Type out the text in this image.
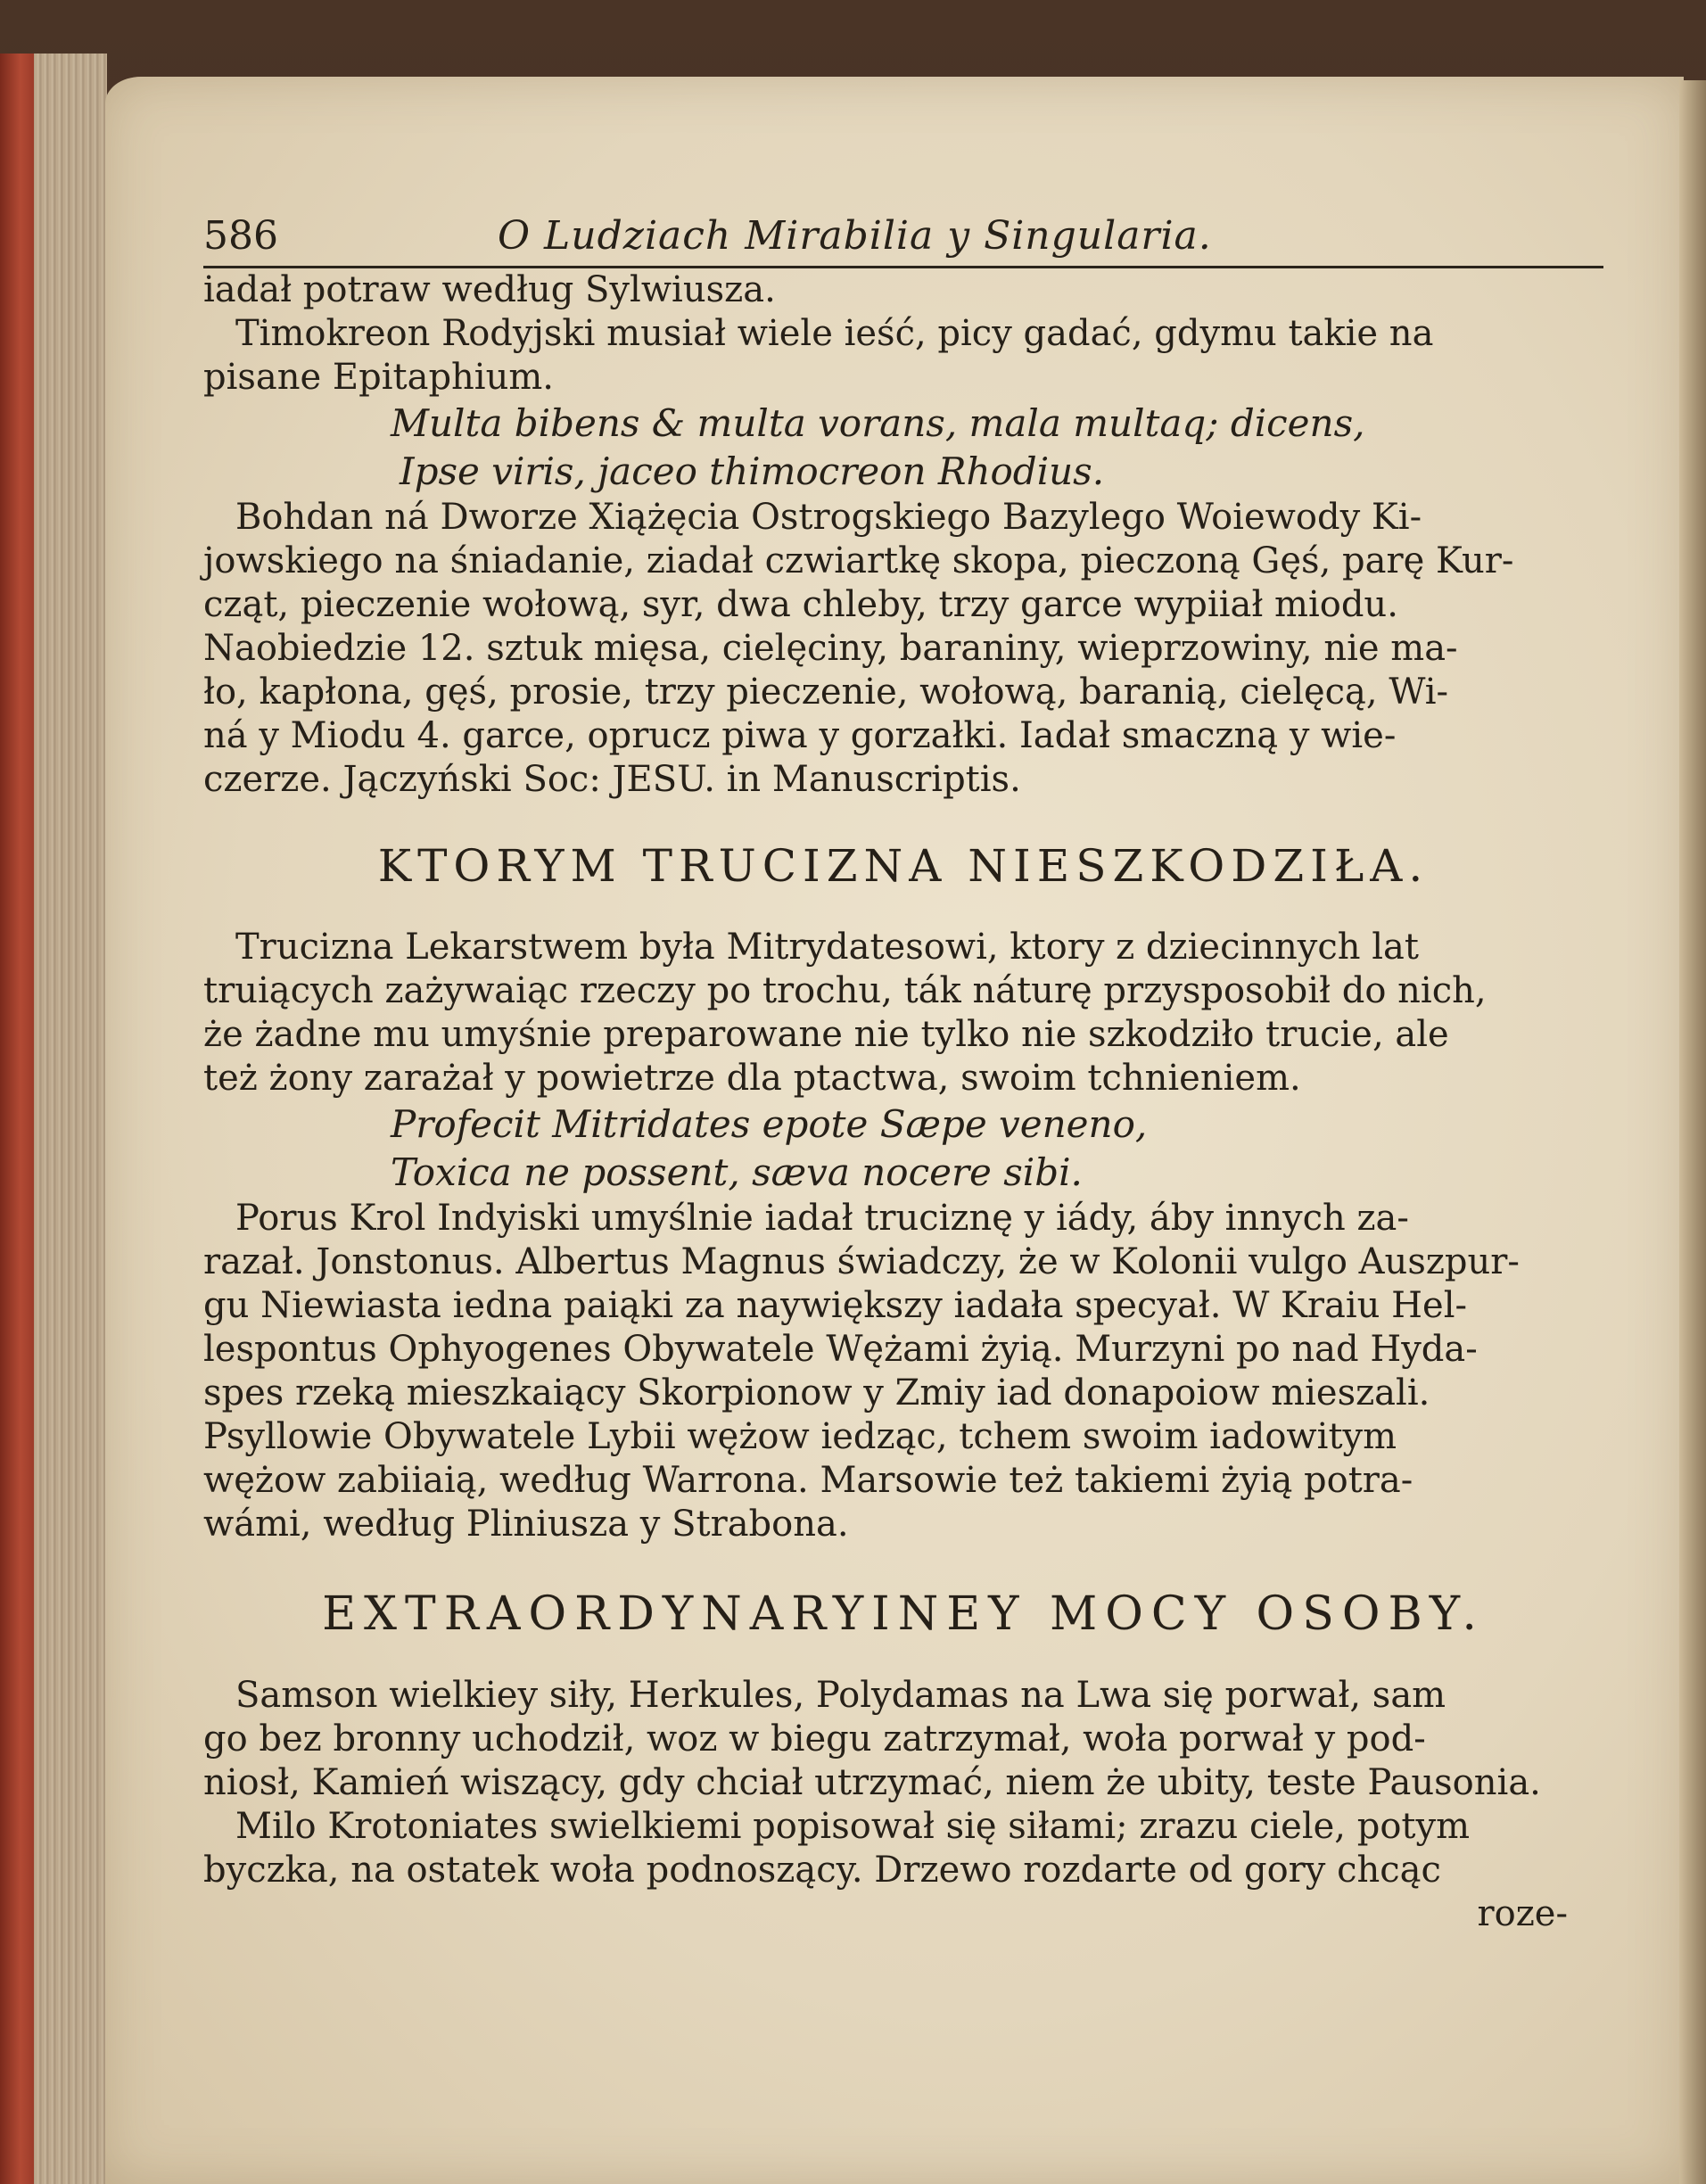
586	O Ludziach Mirabilia y Singularia.
iadał potraw według Sylwiusza.
Timokreon Rodyjski musiał wiele ieść, picy gadać, gdymu takie na
pisane Epitaphium.
Multa bibens & multa vorans, mala multaq; dicens,
Ipse viris, jaceo thimocreon Rhodius.
Bohdan ná Dworze Xiążęcia Ostrogskiego Bazylego Woiewody Ki-
jowskiego na śniadanie, ziadał czwiartkę skopa, pieczoną Gęś, parę Kur-
cząt, pieczenie wołową, syr, dwa chleby, trzy garce wypiiał miodu.
Naobiedzie 12. sztuk mięsa, cielęciny, baraniny, wieprzowiny, nie ma-
ło, kapłona, gęś, prosie, trzy pieczenie, wołową, baranią, cielęcą, Wi-
ná y Miodu 4. garce, oprucz piwa y gorzałki. Iadał smaczną y wie-
czerze. Jączyński Soc: JESU. in Manuscriptis.
KTORYM TRUCIZNA NIESZKODZIŁA.
Trucizna Lekarstwem była Mitrydatesowi, ktory z dziecinnych lat
truiących zażywaiąc rzeczy po trochu, ták náturę przysposobił do nich,
że żadne mu umyśnie preparowane nie tylko nie szkodziło trucie, ale
też żony zarażał y powietrze dla ptactwa, swoim tchnieniem.
Profecit Mitridates epote Sæpe veneno,
Toxica ne possent, sæva nocere sibi.
Porus Krol Indyiski umyślnie iadał truciznę y iády, áby innych za-
razał. Jonstonus. Albertus Magnus świadczy, że w Kolonii vulgo Auszpur-
gu Niewiasta iedna paiąki za naywiększy iadała specyał. W Kraiu Hel-
lespontus Ophyogenes Obywatele Wężami żyią. Murzyni po nad Hyda-
spes rzeką mieszkaiący Skorpionow y Zmiy iad donapoiow mieszali.
Psyllowie Obywatele Lybii wężow iedząc, tchem swoim iadowitym
wężow zabiiaią, według Warrona. Marsowie też takiemi żyią potra-
wámi, według Pliniusza y Strabona.
EXTRAORDYNARYINEY MOCY OSOBY.
Samson wielkiey siły, Herkules, Polydamas na Lwa się porwał, sam
go bez bronny uchodził, woz w biegu zatrzymał, woła porwał y pod-
niosł, Kamień wiszący, gdy chciał utrzymać, niem że ubity, teste Pausonia.
Milo Krotoniates swielkiemi popisował się siłami; zrazu ciele, potym
byczka, na ostatek woła podnoszący. Drzewo rozdarte od gory chcąc
roze-
